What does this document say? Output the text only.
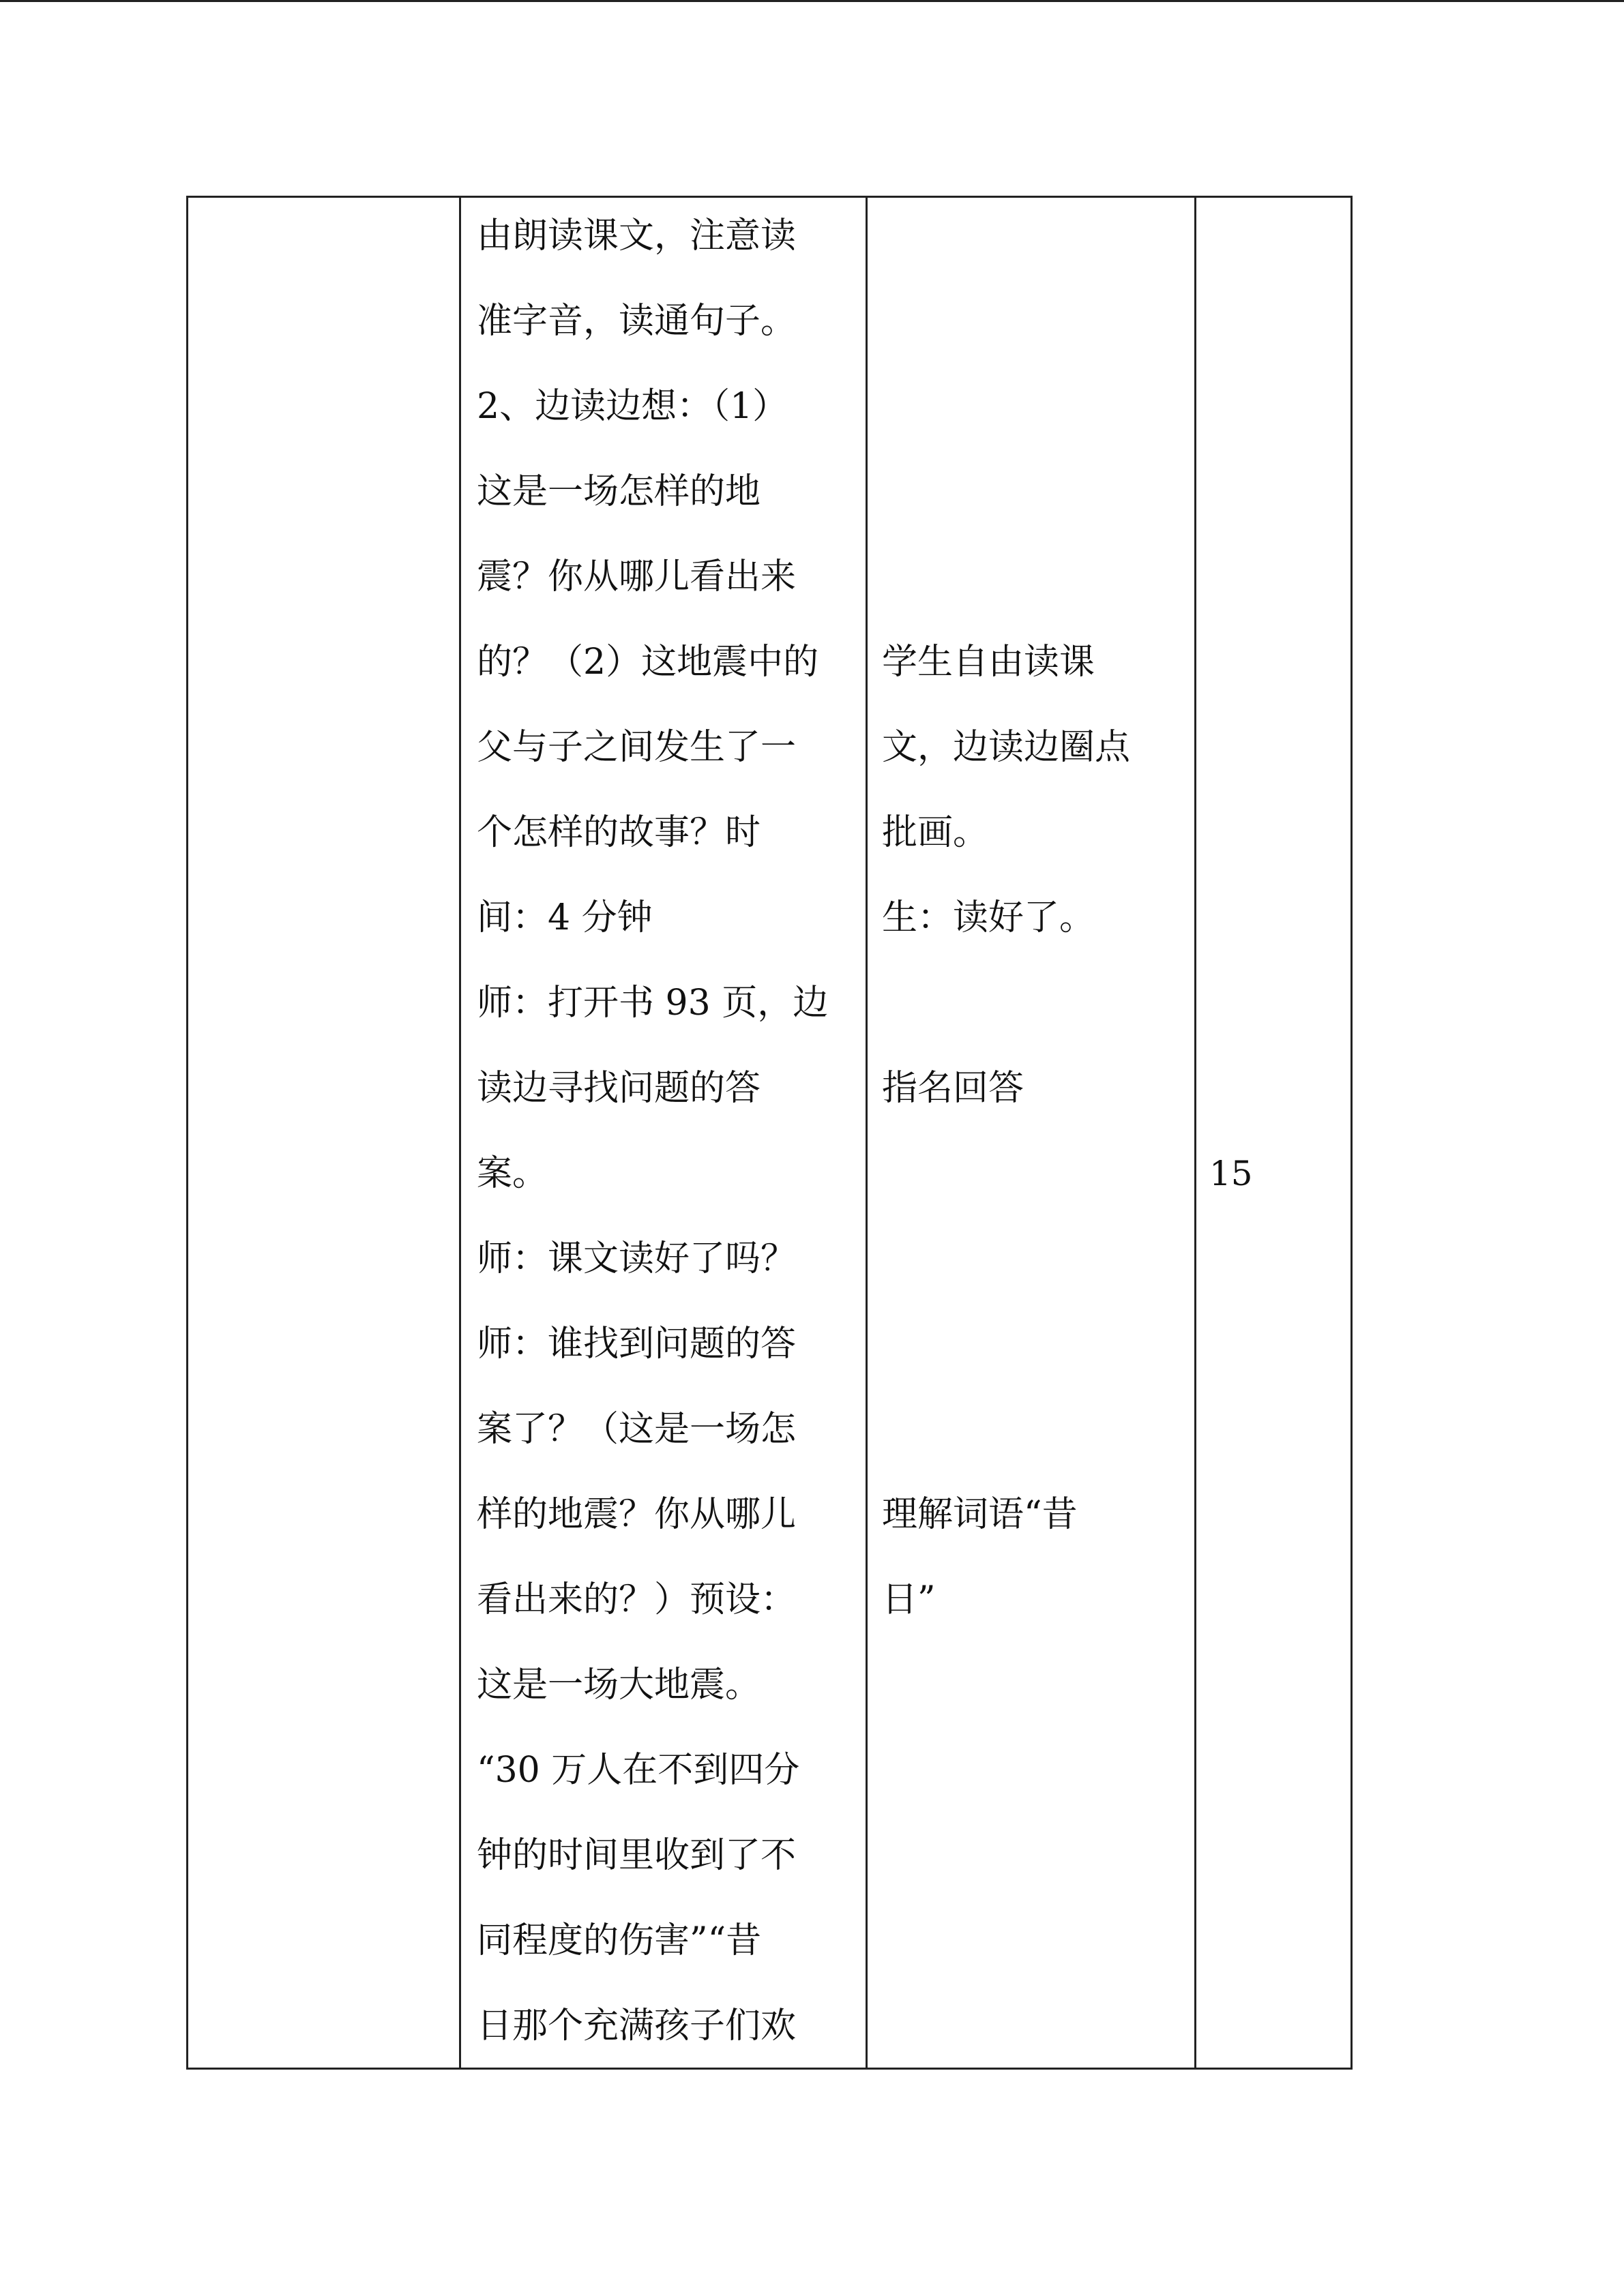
由朗读课文，注意读
准字音，读通句子。
2、边读边想：（1）
这是一场怎样的地
震？你从哪儿看出来
的？（2）这地震中的
父与子之间发生了一
个怎样的故事？时
间：4 分钟
师：打开书 93 页，边
读边寻找问题的答
案。
师：课文读好了吗？
师：谁找到问题的答
案了？（这是一场怎
样的地震？你从哪儿
看出来的？）预设：
这是一场大地震。
“30 万人在不到四分
钟的时间里收到了不
同程度的伤害”“昔
日那个充满孩子们欢
学生自由读课
文，边读边圈点
批画。
生：读好了。
指名回答
理解词语“昔
日”
15
